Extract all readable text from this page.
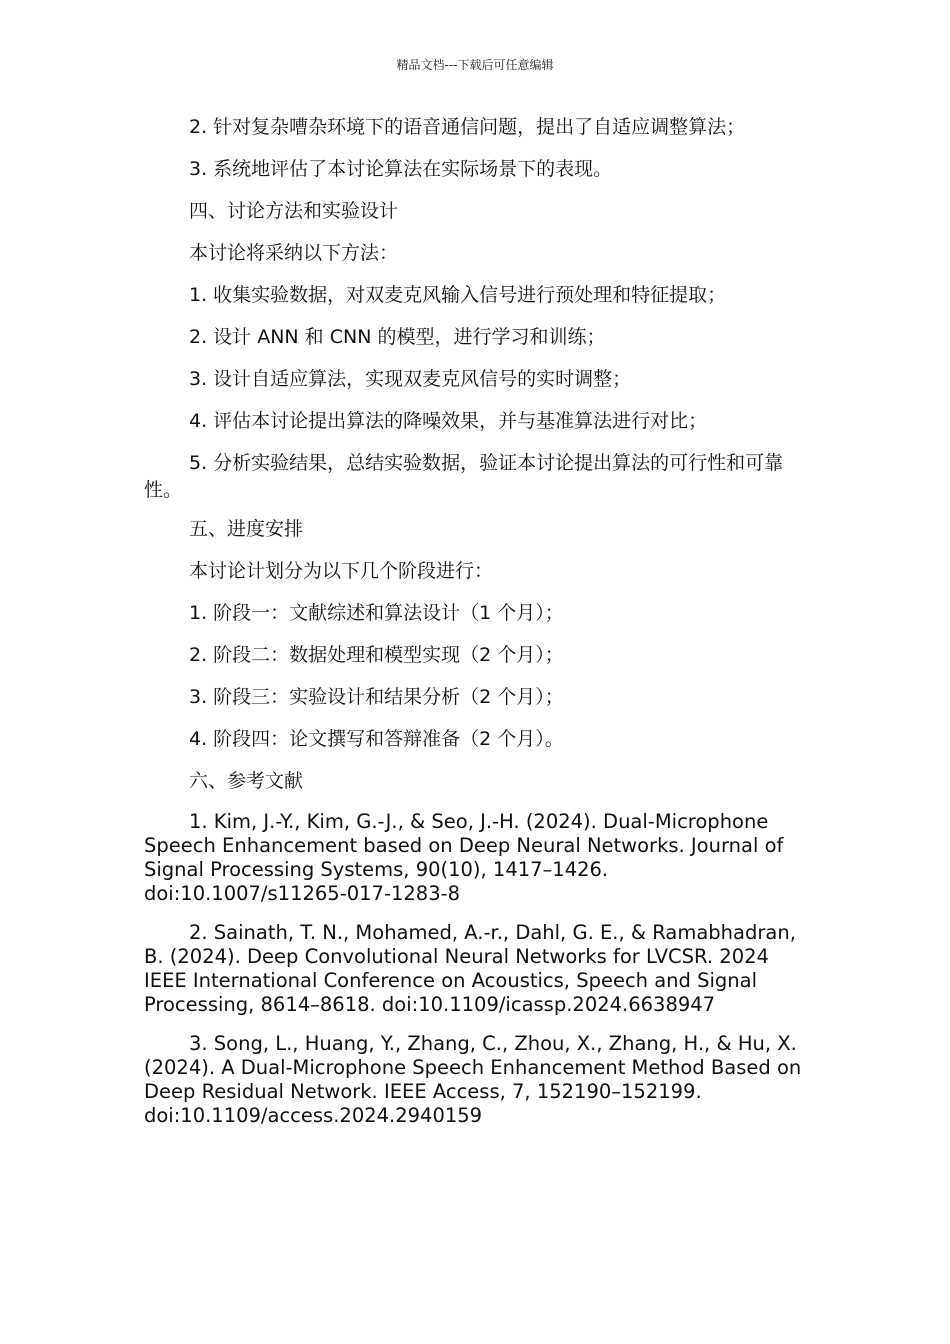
精品文档---下载后可任意编辑

2. 针对复杂嘈杂环境下的语音通信问题，提出了自适应调整算法；

3. 系统地评估了本讨论算法在实际场景下的表现。

四、讨论方法和实验设计

本讨论将采纳以下方法：

1. 收集实验数据，对双麦克风输入信号进行预处理和特征提取；

2. 设计 ANN 和 CNN 的模型，进行学习和训练；

3. 设计自适应算法，实现双麦克风信号的实时调整；

4. 评估本讨论提出算法的降噪效果，并与基准算法进行对比；

5. 分析实验结果，总结实验数据，验证本讨论提出算法的可行性和可靠性。

五、进度安排

本讨论计划分为以下几个阶段进行：

1. 阶段一：文献综述和算法设计（1 个月）；

2. 阶段二：数据处理和模型实现（2 个月）；

3. 阶段三：实验设计和结果分析（2 个月）；

4. 阶段四：论文撰写和答辩准备（2 个月）。

六、参考文献

1. Kim, J.-Y., Kim, G.-J., & Seo, J.-H. (2024). Dual-Microphone Speech Enhancement based on Deep Neural Networks. Journal of Signal Processing Systems, 90(10), 1417–1426. doi:10.1007/s11265-017-1283-8

2. Sainath, T. N., Mohamed, A.-r., Dahl, G. E., & Ramabhadran, B. (2024). Deep Convolutional Neural Networks for LVCSR. 2024 IEEE International Conference on Acoustics, Speech and Signal Processing, 8614–8618. doi:10.1109/icassp.2024.6638947

3. Song, L., Huang, Y., Zhang, C., Zhou, X., Zhang, H., & Hu, X. (2024). A Dual-Microphone Speech Enhancement Method Based on Deep Residual Network. IEEE Access, 7, 152190–152199. doi:10.1109/access.2024.2940159
